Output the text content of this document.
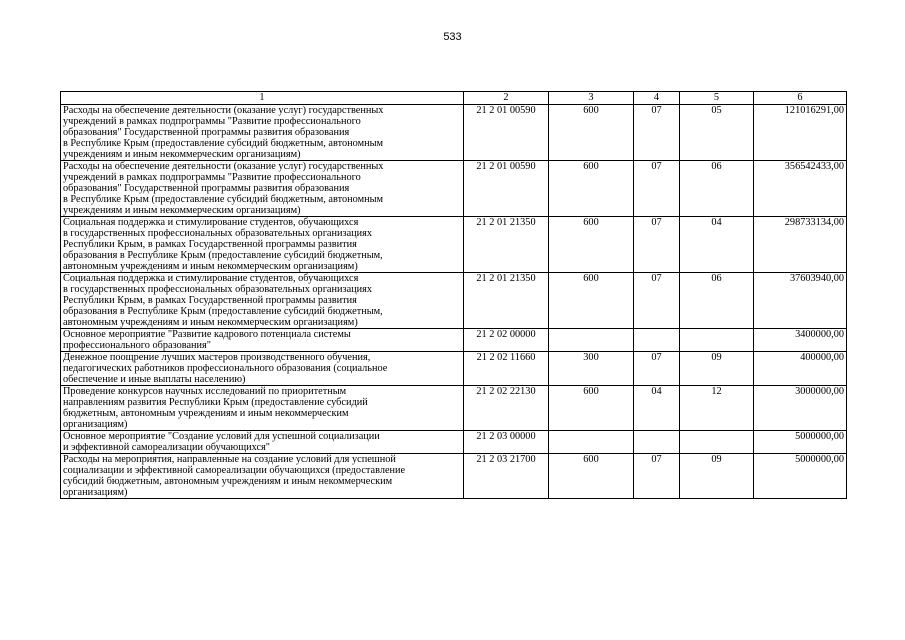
533
1	2	3	4	5	6
Расходы на обеспечение деятельности (оказание услуг) государственных
учреждений в рамках подпрограммы "Развитие профессионального
образования" Государственной программы развития образования
в Республике Крым (предоставление субсидий бюджетным, автономным
учреждениям и иным некоммерческим организациям)	21 2 01 00590	600	07	05	121016291,00
Расходы на обеспечение деятельности (оказание услуг) государственных
учреждений в рамках подпрограммы "Развитие профессионального
образования" Государственной программы развития образования
в Республике Крым (предоставление субсидий бюджетным, автономным
учреждениям и иным некоммерческим организациям)	21 2 01 00590	600	07	06	356542433,00
Социальная поддержка и стимулирование студентов, обучающихся
в государственных профессиональных образовательных организациях
Республики Крым, в рамках Государственной программы развития
образования в Республике Крым (предоставление субсидий бюджетным,
автономным учреждениям и иным некоммерческим организациям)	21 2 01 21350	600	07	04	298733134,00
Социальная поддержка и стимулирование студентов, обучающихся
в государственных профессиональных образовательных организациях
Республики Крым, в рамках Государственной программы развития
образования в Республике Крым (предоставление субсидий бюджетным,
автономным учреждениям и иным некоммерческим организациям)	21 2 01 21350	600	07	06	37603940,00
Основное мероприятие "Развитие кадрового потенциала системы
профессионального образования"	21 2 02 00000				3400000,00
Денежное поощрение лучших мастеров производственного обучения,
педагогических работников профессионального образования (социальное
обеспечение и иные выплаты населению)	21 2 02 11660	300	07	09	400000,00
Проведение конкурсов научных исследований по приоритетным
направлениям развития Республики Крым (предоставление субсидий
бюджетным, автономным учреждениям и иным некоммерческим
организациям)	21 2 02 22130	600	04	12	3000000,00
Основное мероприятие "Создание условий для успешной социализации
и эффективной самореализации обучающихся"	21 2 03 00000				5000000,00
Расходы на мероприятия, направленные на создание условий для успешной
социализации и эффективной самореализации обучающихся (предоставление
субсидий бюджетным, автономным учреждениям и иным некоммерческим
организациям)	21 2 03 21700	600	07	09	5000000,00
